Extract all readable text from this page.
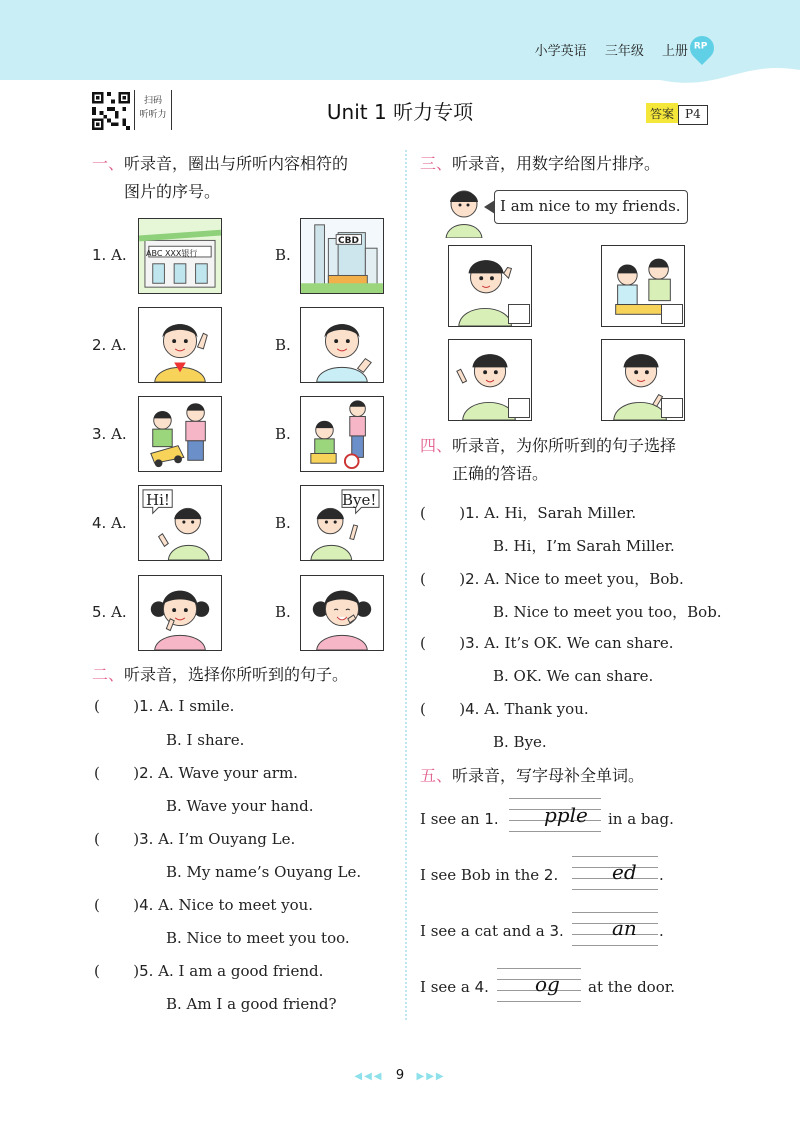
小学英语 三年级 上册 RP
扫码
听听力	Unit 1 听力专项	答案 P4
一、听录音，圈出与所听内容相符的
图片的序号。
1. A. ABC XXX银行	B.
CBD
2. A.	B.
3. A.	B.
4. A.
Hi!
B.
Bye!
5. A.	B.
二、听录音，选择你所听到的句子。
(       )1. A. I smile.
B. I share.
(       )2. A. Wave your arm.
B. Wave your hand.
(       )3. A. I’m Ouyang Le.
B. My name’s Ouyang Le.
(       )4. A. Nice to meet you.
B. Nice to meet you too.
(       )5. A. I am a good friend.
B. Am I a good friend?
三、听录音，用数字给图片排序。
I am nice to my friends.
四、听录音，为你所听到的句子选择
正确的答语。
(       )1. A. Hi，Sarah Miller.
B. Hi，I’m Sarah Miller.
(       )2. A. Nice to meet you，Bob.
B. Nice to meet you too，Bob.
(       )3. A. It’s OK. We can share.
B. OK. We can share.
(       )4. A. Thank you.
B. Bye.
五、听录音，写字母补全单词。
I see an 1. pple in a bag.
I see Bob in the 2.	ed .
I see a cat and a 3. an .
I see a 4. og at the door.
◀◀◀ 9 ▶▶▶
